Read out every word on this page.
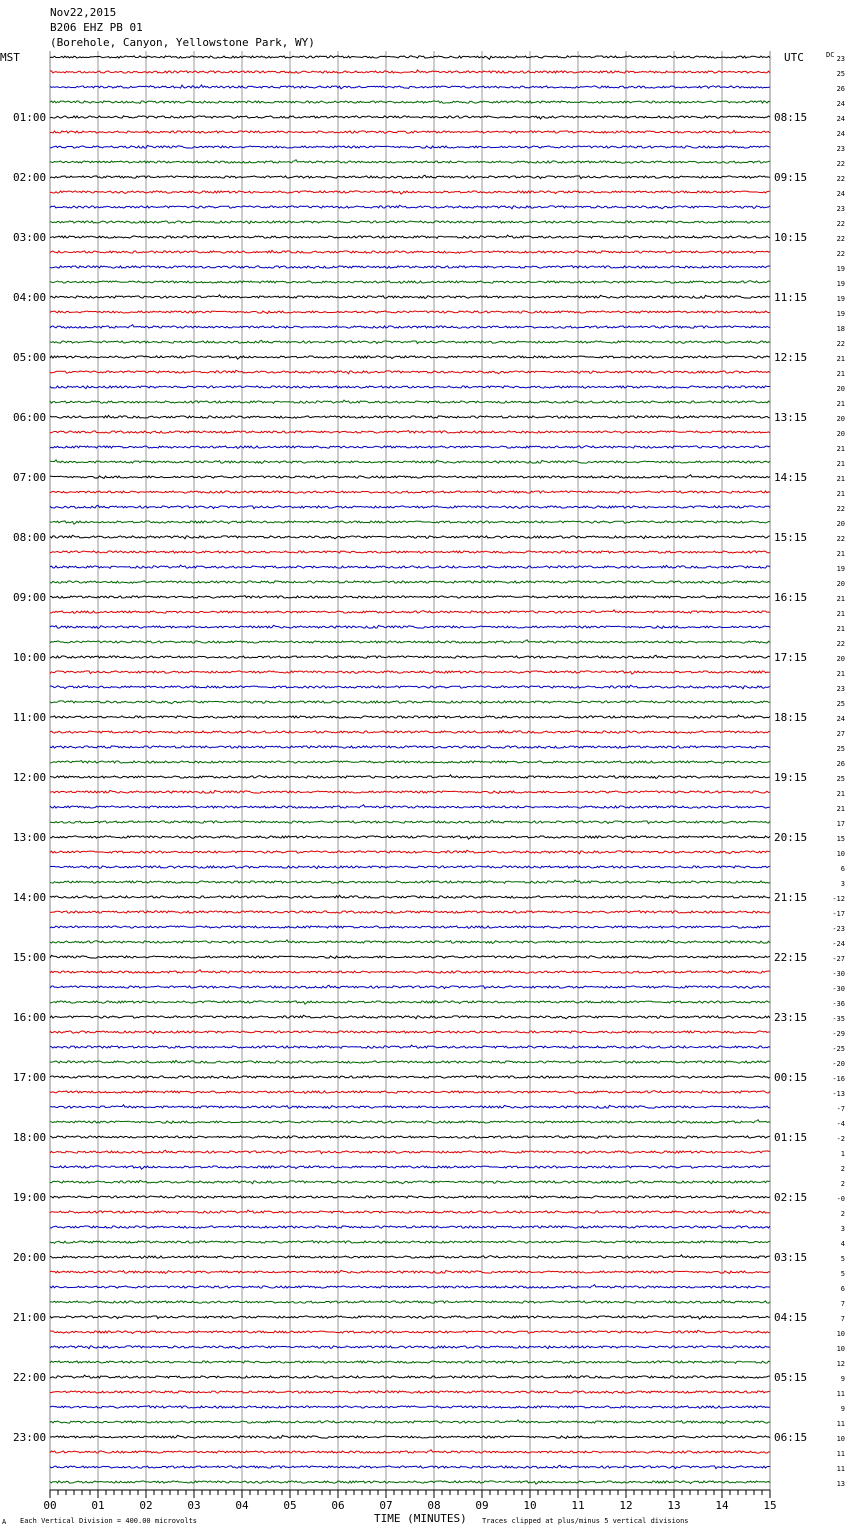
Nov22,2015
B206 EHZ PB 01
(Borehole, Canyon, Yellowstone Park, WY)
MST	UTC	DC
01:00
02:00
03:00
04:00
05:00
06:00
07:00
08:00
09:00
10:00
11:00
12:00
13:00
14:00
15:00
16:00
17:00
18:00
19:00
20:00
21:00
22:00
23:00
08:15
09:15
10:15
11:15
12:15
13:15
14:15
15:15
16:15
17:15
18:15
19:15
20:15
21:15
22:15
23:15
00:15
01:15
02:15
03:15
04:15
05:15
06:15
23
25
26
24
24
24
23
22
22
24
23
22
22
22
19
19
19
19
18
22
21
21
20
21
20
20
21
21
21
21
22
20
22
21
19
20
21
21
21
22
20
21
23
25
24
27
25
26
25
21
21
17
15
10
6
3
-12
-17
-23
-24
-27
-30
-30
-36
-35
-29
-25
-20
-16
-13
-7
-4
-2
1
2
2
-0
2
3
4
5
5
6
7
7
10
10
12
9
11
9
11
10
11
11
13
00	01	02	03	04	05	06	07	08	09	10	11	12	13	14	15
TIME (MINUTES)
A Each Vertical Division = 400.00 microvolts	Traces clipped at plus/minus 5 vertical divisions
